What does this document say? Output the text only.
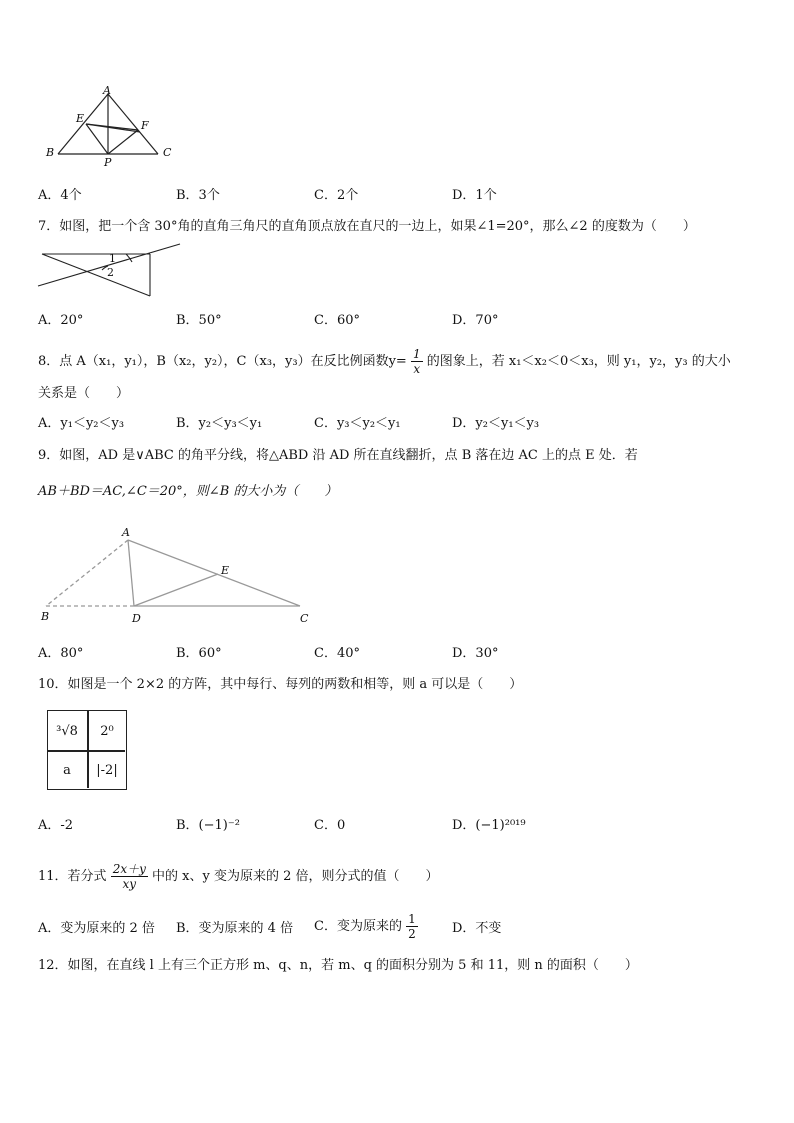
A
E
F
B
P
C
A．4个	B．3个	C．2个	D．1个
7．如图，把一个含 30°角的直角三角尺的直角顶点放在直尺的一边上，如果∠1=20°，那么∠2 的度数为（　　）
1
2
A．20°	B．50°	C．60°	D．70°
8．点 A（x₁，y₁），B（x₂，y₂），C（x₃，y₃）在反比例函数$y= \frac{1}{x}$ 的图象上，若 x₁＜x₂＜0＜x₃，则 y₁，y₂，y₃ 的大小
关系是（　　）
A．y₁＜y₂＜y₃	B．y₂＜y₃＜y₁	C．y₃＜y₂＜y₁	D．y₂＜y₁＜y₃
9．如图，AD 是∨ABC 的角平分线，将△ABD 沿 AD 所在直线翻折，点 B 落在边 AC 上的点 E 处．若
AB＋BD＝AC,∠C＝20°，则∠B 的大小为（　　）
A
E
B	D	C
A．80°	B．60°	C．40°	D．30°
10．如图是一个 2×2 的方阵，其中每行、每列的两数和相等，则 a 可以是（　　）
³√8	2⁰
a	|-2|
A．-2	B．(−1)⁻²	C．0	D．(−1)²⁰¹⁹
11．若分式 $\frac{2x+y}{xy}$ 中的 x、y 变为原来的 2 倍，则分式的值（　　）
A．变为原来的 2 倍 B．变为原来的 4 倍 C．变为原来的 $\frac{1}{2}$	D．不变
12．如图，在直线 l 上有三个正方形 m、q、n，若 m、q 的面积分别为 5 和 11，则 n 的面积（　　）
